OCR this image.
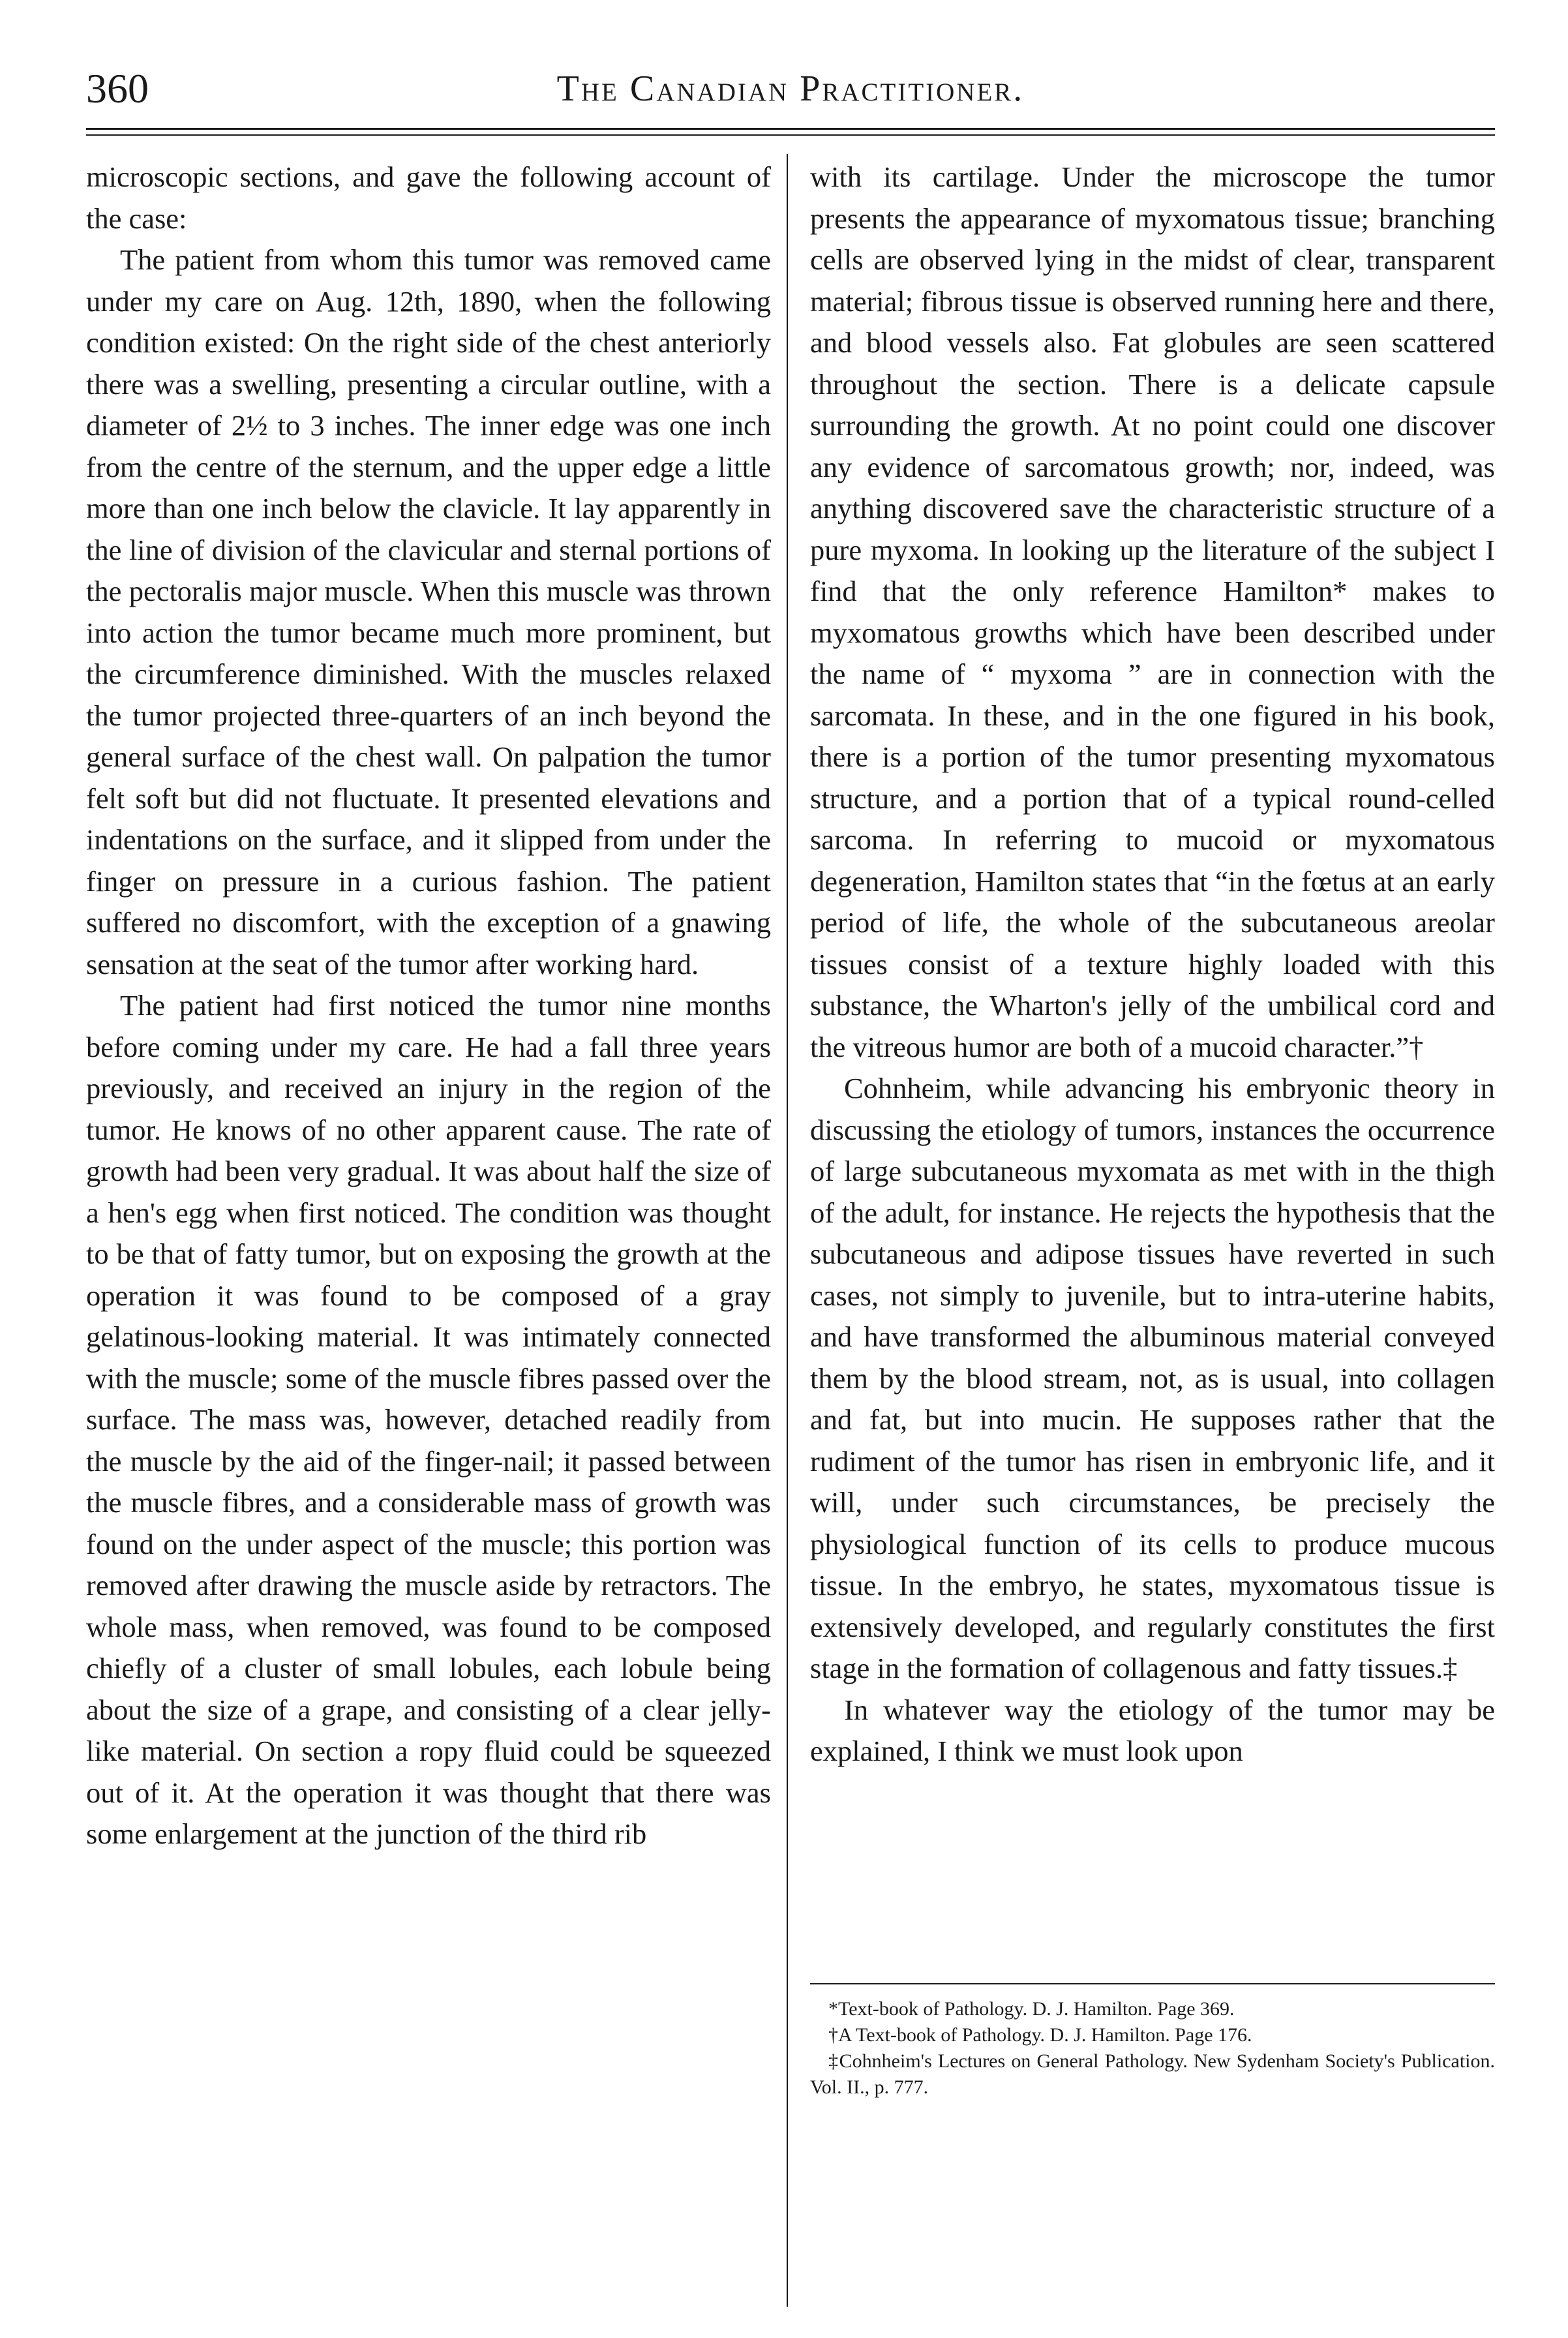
360	The Canadian Practitioner.

microscopic sections, and gave the following account of the case:

The patient from whom this tumor was removed came under my care on Aug. 12th, 1890, when the following condition existed: On the right side of the chest anteriorly there was a swelling, presenting a circular outline, with a diameter of 2½ to 3 inches. The inner edge was one inch from the centre of the sternum, and the upper edge a little more than one inch below the clavicle. It lay apparently in the line of division of the clavicular and sternal portions of the pectoralis major muscle. When this muscle was thrown into action the tumor became much more prominent, but the circumference diminished. With the muscles relaxed the tumor projected three-quarters of an inch beyond the general surface of the chest wall. On palpation the tumor felt soft but did not fluctuate. It presented elevations and indentations on the surface, and it slipped from under the finger on pressure in a curious fashion. The patient suffered no discomfort, with the exception of a gnawing sensation at the seat of the tumor after working hard.

The patient had first noticed the tumor nine months before coming under my care. He had a fall three years previously, and received an injury in the region of the tumor. He knows of no other apparent cause. The rate of growth had been very gradual. It was about half the size of a hen's egg when first noticed. The condition was thought to be that of fatty tumor, but on exposing the growth at the operation it was found to be composed of a gray gelatinous-looking material. It was intimately connected with the muscle; some of the muscle fibres passed over the surface. The mass was, however, detached readily from the muscle by the aid of the finger-nail; it passed between the muscle fibres, and a considerable mass of growth was found on the under aspect of the muscle; this portion was removed after drawing the muscle aside by retractors. The whole mass, when removed, was found to be composed chiefly of a cluster of small lobules, each lobule being about the size of a grape, and consisting of a clear jelly-like material. On section a ropy fluid could be squeezed out of it. At the operation it was thought that there was some enlargement at the junction of the third rib

with its cartilage. Under the microscope the tumor presents the appearance of myxomatous tissue; branching cells are observed lying in the midst of clear, transparent material; fibrous tissue is observed running here and there, and blood vessels also. Fat globules are seen scattered throughout the section. There is a delicate capsule surrounding the growth. At no point could one discover any evidence of sarcomatous growth; nor, indeed, was anything discovered save the characteristic structure of a pure myxoma. In looking up the literature of the subject I find that the only reference Hamilton* makes to myxomatous growths which have been described under the name of “ myxoma ” are in connection with the sarcomata. In these, and in the one figured in his book, there is a portion of the tumor presenting myxomatous structure, and a portion that of a typical round-celled sarcoma. In referring to mucoid or myxomatous degeneration, Hamilton states that “in the fœtus at an early period of life, the whole of the subcutaneous areolar tissues consist of a texture highly loaded with this substance, the Wharton's jelly of the umbilical cord and the vitreous humor are both of a mucoid character.”†

Cohnheim, while advancing his embryonic theory in discussing the etiology of tumors, instances the occurrence of large subcutaneous myxomata as met with in the thigh of the adult, for instance. He rejects the hypothesis that the subcutaneous and adipose tissues have reverted in such cases, not simply to juvenile, but to intra-uterine habits, and have transformed the albuminous material conveyed them by the blood stream, not, as is usual, into collagen and fat, but into mucin. He supposes rather that the rudiment of the tumor has risen in embryonic life, and it will, under such circumstances, be precisely the physiological function of its cells to produce mucous tissue. In the embryo, he states, myxomatous tissue is extensively developed, and regularly constitutes the first stage in the formation of collagenous and fatty tissues.‡

In whatever way the etiology of the tumor may be explained, I think we must look upon

*Text-book of Pathology. D. J. Hamilton. Page 369.

†A Text-book of Pathology. D. J. Hamilton. Page 176.

‡Cohnheim's Lectures on General Pathology. New Sydenham Society's Publication. Vol. II., p. 777.
